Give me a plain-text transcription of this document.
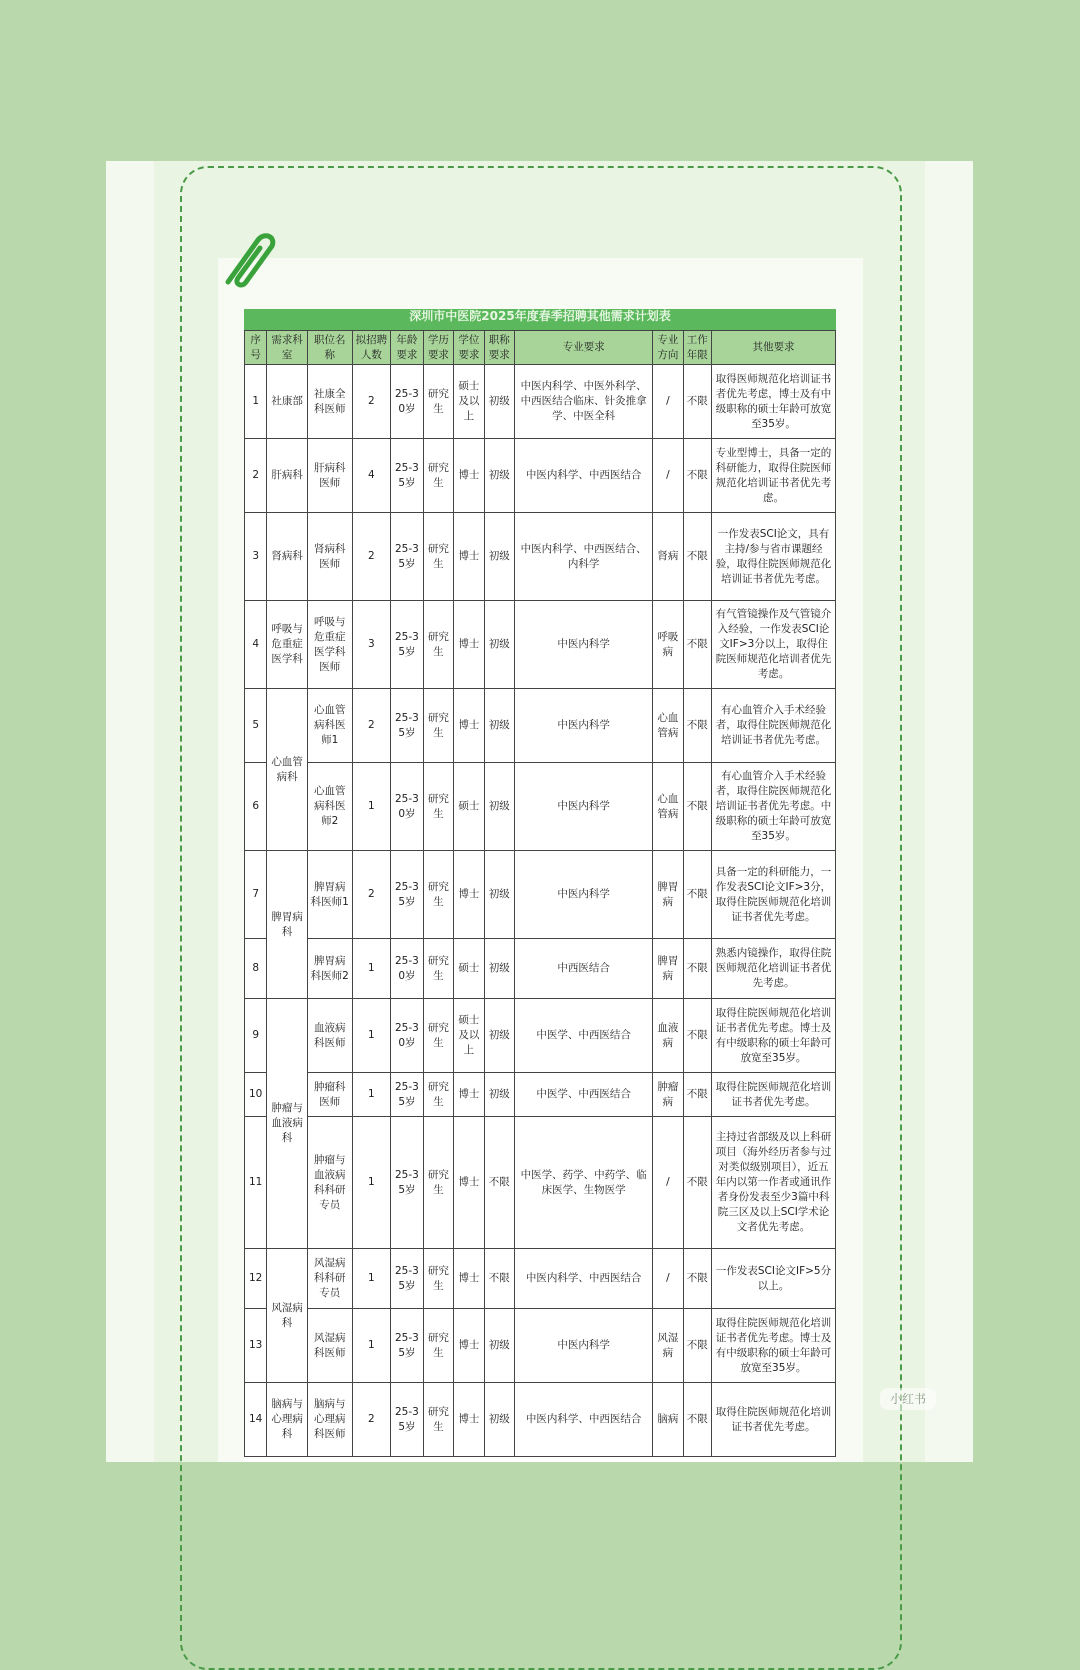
深圳市中医院2025年度春季招聘其他需求计划表
序号	需求科室	职位名称	拟招聘人数	年龄要求	学历要求	学位要求	职称要求	专业要求	专业方向	工作年限	其他要求
1	社康部	社康全科医师	2	25-30岁	研究生	硕士及以上	初级	中医内科学、中医外科学、中西医结合临床、针灸推拿学、中医全科	/	不限	取得医师规范化培训证书者优先考虑，博士及有中级职称的硕士年龄可放宽至35岁。
2	肝病科	肝病科医师	4	25-35岁	研究生	博士	初级	中医内科学、中西医结合	/	不限	专业型博士，具备一定的科研能力，取得住院医师规范化培训证书者优先考虑。
3	肾病科	肾病科医师	2	25-35岁	研究生	博士	初级	中医内科学、中西医结合、内科学	肾病	不限	一作发表SCI论文，具有主持/参与省市课题经验，取得住院医师规范化培训证书者优先考虑。
4	呼吸与危重症医学科	呼吸与危重症医学科医师	3	25-35岁	研究生	博士	初级	中医内科学	呼吸病	不限	有气管镜操作及气管镜介入经验，一作发表SCI论文IF>3分以上，取得住院医师规范化培训者优先考虑。
5	心血管病科	心血管病科医师1	2	25-35岁	研究生	博士	初级	中医内科学	心血管病	不限	有心血管介入手术经验者，取得住院医师规范化培训证书者优先考虑。
6		心血管病科医师2	1	25-30岁	研究生	硕士	初级	中医内科学	心血管病	不限	有心血管介入手术经验者，取得住院医师规范化培训证书者优先考虑。中级职称的硕士年龄可放宽至35岁。
7	脾胃病科	脾胃病科医师1	2	25-35岁	研究生	博士	初级	中医内科学	脾胃病	不限	具备一定的科研能力，一作发表SCI论文IF>3分，取得住院医师规范化培训证书者优先考虑。
8		脾胃病科医师2	1	25-30岁	研究生	硕士	初级	中西医结合	脾胃病	不限	熟悉内镜操作，取得住院医师规范化培训证书者优先考虑。
9	肿瘤与血液病科	血液病科医师	1	25-30岁	研究生	硕士及以上	初级	中医学、中西医结合	血液病	不限	取得住院医师规范化培训证书者优先考虑。博士及有中级职称的硕士年龄可放宽至35岁。
10		肿瘤科医师	1	25-35岁	研究生	博士	初级	中医学、中西医结合	肿瘤病	不限	取得住院医师规范化培训证书者优先考虑。
11		肿瘤与血液病科科研专员	1	25-35岁	研究生	博士	不限	中医学、药学、中药学、临床医学、生物医学	/	不限	主持过省部级及以上科研项目（海外经历者参与过对类似级别项目），近五年内以第一作者或通讯作者身份发表至少3篇中科院三区及以上SCI学术论文者优先考虑。
12	风湿病科	风湿病科科研专员	1	25-35岁	研究生	博士	不限	中医内科学、中西医结合	/	不限	一作发表SCI论文IF>5分以上。
13		风湿病科医师	1	25-35岁	研究生	博士	初级	中医内科学	风湿病	不限	取得住院医师规范化培训证书者优先考虑。博士及有中级职称的硕士年龄可放宽至35岁。
14	脑病与心理病科	脑病与心理病科医师	2	25-35岁	研究生	博士	初级	中医内科学、中西医结合	脑病	不限	取得住院医师规范化培训证书者优先考虑。
小红书
